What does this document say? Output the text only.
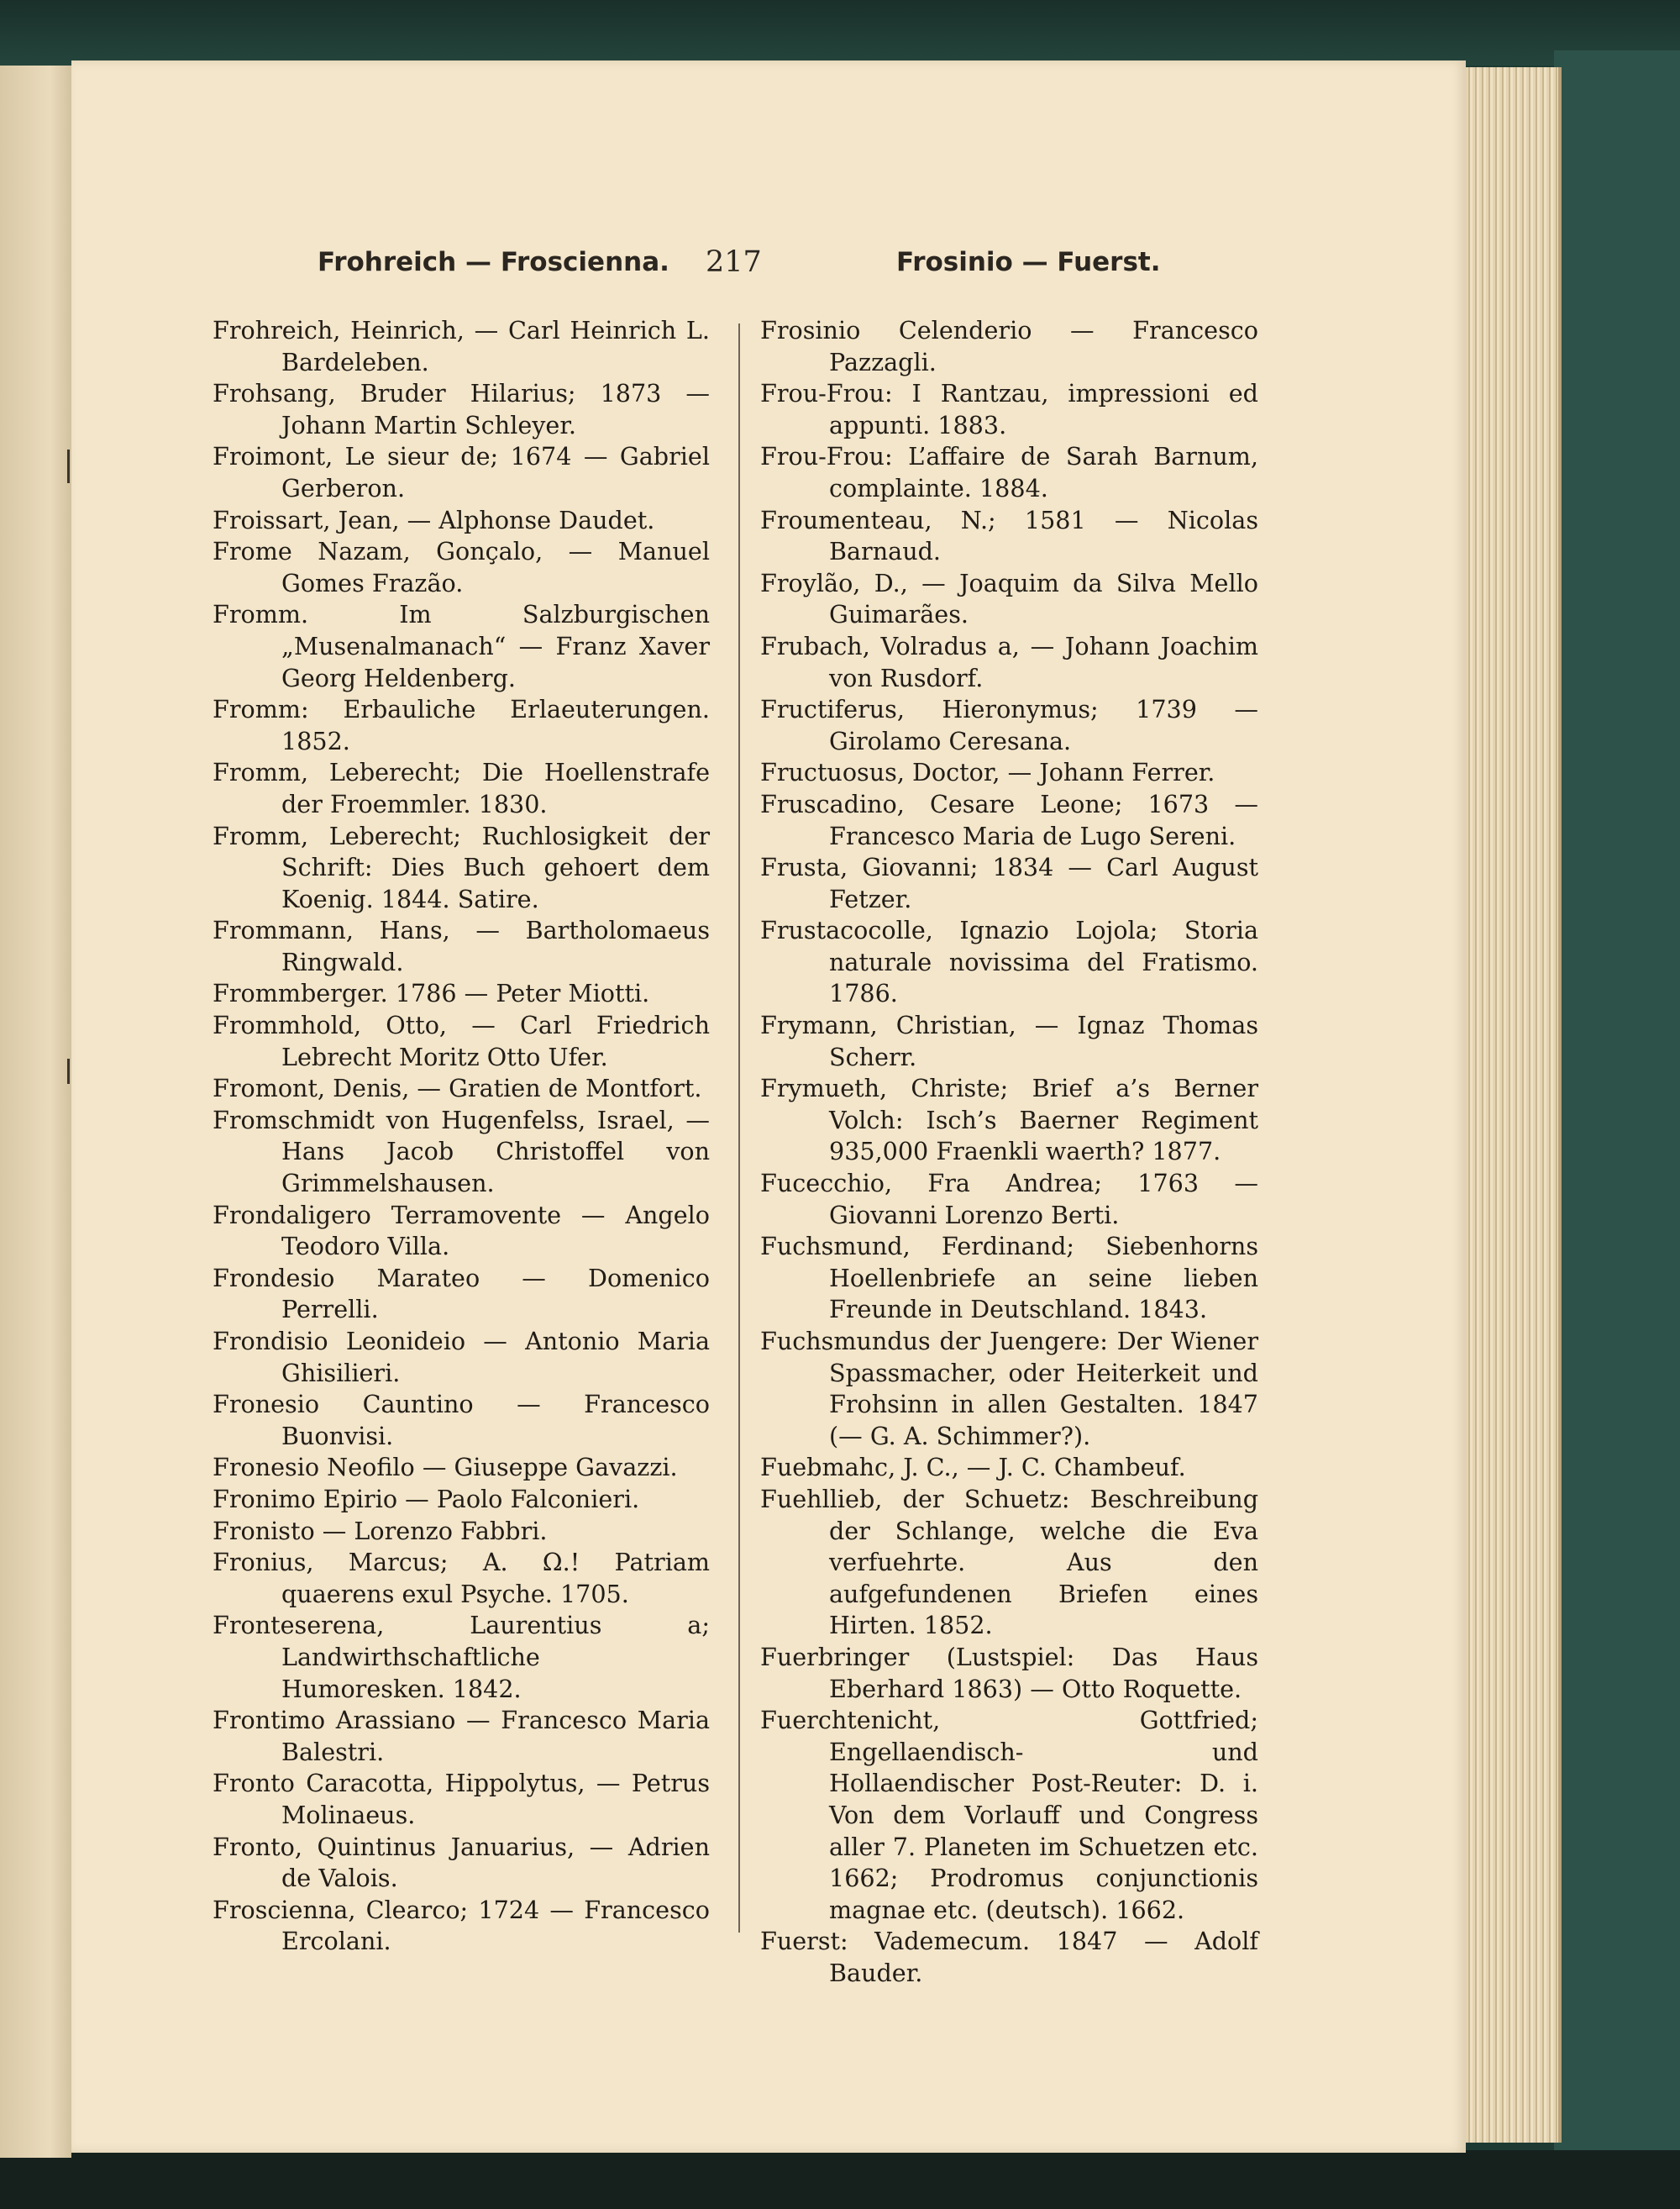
Frohreich — Froscienna. 217	Frosinio — Fuerst.
Frohreich, Heinrich, — Carl Heinrich L. Bardeleben.
Frohsang, Bruder Hilarius; 1873 — Johann Martin Schleyer.
Froimont, Le sieur de; 1674 — Gabriel Gerberon.
Froissart, Jean, — Alphonse Daudet.
Frome Nazam, Gonçalo, — Manuel Gomes Frazão.
Fromm. Im Salzburgischen „Musenalmanach“ — Franz Xaver Georg Heldenberg.
Fromm: Erbauliche Erlaeuterungen. 1852.
Fromm, Leberecht; Die Hoellenstrafe der Froemmler. 1830.
Fromm, Leberecht; Ruchlosigkeit der Schrift: Dies Buch gehoert dem Koenig. 1844. Satire.
Frommann, Hans, — Bartholomaeus Ringwald.
Frommberger. 1786 — Peter Miotti.
Frommhold, Otto, — Carl Friedrich Lebrecht Moritz Otto Ufer.
Fromont, Denis, — Gratien de Montfort.
Fromschmidt von Hugenfelss, Israel, — Hans Jacob Christoffel von Grimmelshausen.
Frondaligero Terramovente — Angelo Teodoro Villa.
Frondesio Marateo — Domenico Perrelli.
Frondisio Leonideio — Antonio Maria Ghisilieri.
Fronesio Cauntino — Francesco Buonvisi.
Fronesio Neofilo — Giuseppe Gavazzi.
Fronimo Epirio — Paolo Falconieri.
Fronisto — Lorenzo Fabbri.
Fronius, Marcus; A. Ω.! Patriam quaerens exul Psyche. 1705.
Fronteserena, Laurentius a; Landwirthschaftliche Humoresken. 1842.
Frontimo Arassiano — Francesco Maria Balestri.
Fronto Caracotta, Hippolytus, — Petrus Molinaeus.
Fronto, Quintinus Januarius, — Adrien de Valois.
Froscienna, Clearco; 1724 — Francesco Ercolani.
Frosinio Celenderio — Francesco Pazzagli.
Frou-Frou: I Rantzau, impressioni ed appunti. 1883.
Frou-Frou: L’affaire de Sarah Barnum, complainte. 1884.
Froumenteau, N.; 1581 — Nicolas Barnaud.
Froylão, D., — Joaquim da Silva Mello Guimarães.
Frubach, Volradus a, — Johann Joachim von Rusdorf.
Fructiferus, Hieronymus; 1739 — Girolamo Ceresana.
Fructuosus, Doctor, — Johann Ferrer.
Fruscadino, Cesare Leone; 1673 — Francesco Maria de Lugo Sereni.
Frusta, Giovanni; 1834 — Carl August Fetzer.
Frustacocolle, Ignazio Lojola; Storia naturale novissima del Fratismo. 1786.
Frymann, Christian, — Ignaz Thomas Scherr.
Frymueth, Christe; Brief a’s Berner Volch: Isch’s Baerner Regiment 935,000 Fraenkli waerth? 1877.
Fucecchio, Fra Andrea; 1763 — Giovanni Lorenzo Berti.
Fuchsmund, Ferdinand; Siebenhorns Hoellenbriefe an seine lieben Freunde in Deutschland. 1843.
Fuchsmundus der Juengere: Der Wiener Spassmacher, oder Heiterkeit und Frohsinn in allen Gestalten. 1847 (— G. A. Schimmer?).
Fuebmahc, J. C., — J. C. Chambeuf.
Fuehllieb, der Schuetz: Beschreibung der Schlange, welche die Eva verfuehrte. Aus den aufgefundenen Briefen eines Hirten. 1852.
Fuerbringer (Lustspiel: Das Haus Eberhard 1863) — Otto Roquette.
Fuerchtenicht, Gottfried; Engellaendisch- und Hollaendischer Post-Reuter: D. i. Von dem Vorlauff und Congress aller 7. Planeten im Schuetzen etc. 1662; Prodromus conjunctionis magnae etc. (deutsch). 1662.
Fuerst: Vademecum. 1847 — Adolf Bauder.
